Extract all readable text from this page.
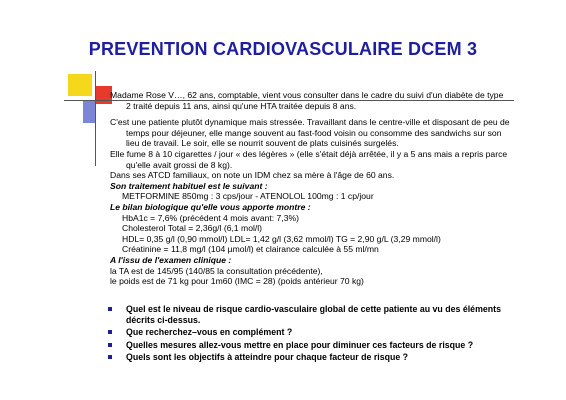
PREVENTION CARDIOVASCULAIRE DCEM 3

Madame Rose V…, 62 ans, comptable, vient vous consulter dans le cadre du suivi d'un diabète de type 2 traité depuis 11 ans, ainsi qu'une HTA traitée depuis 8 ans.

C'est une patiente plutôt dynamique mais stressée. Travaillant dans le centre-ville et disposant de peu de temps pour déjeuner, elle mange souvent au fast-food voisin ou consomme des sandwichs sur son lieu de travail. Le soir, elle se nourrit souvent de plats cuisinés surgelés.

Elle fume 8 à 10 cigarettes / jour « des légères » (elle s'était déjà arrêtée, il y a 5 ans mais a repris parce qu'elle avait grossi de 8 kg).

Dans ses ATCD familiaux, on note un IDM chez sa mère à l'âge de 60 ans.

Son traitement habituel est le suivant :

METFORMINE 850mg : 3 cps/jour - ATENOLOL 100mg : 1 cp/jour

Le bilan biologique qu'elle vous apporte montre :

HbA1c = 7,6% (précédent 4 mois avant: 7,3%)

Cholesterol Total = 2,36g/l (6,1 mol/l)

HDL= 0,35 g/l (0,90 mmol/l) LDL= 1,42 g/l (3,62 mmol/l) TG = 2,90 g/L (3,29 mmol/l)

Créatinine = 11,8 mg/l (104 µmol/l) et clairance calculée à 55 ml/mn

A l'issu de l'examen clinique :

la TA est de 145/95 (140/85 la consultation précédente),

le poids est de 71 kg pour 1m60 (IMC = 28) (poids antérieur 70 kg)

Quel est le niveau de risque cardio-vasculaire global de cette patiente au vu des éléments décrits ci-dessus.
Que recherchez–vous en complément ?
Quelles mesures allez-vous mettre en place pour diminuer ces facteurs de risque ?
Quels sont les objectifs à atteindre pour chaque facteur de risque ?
